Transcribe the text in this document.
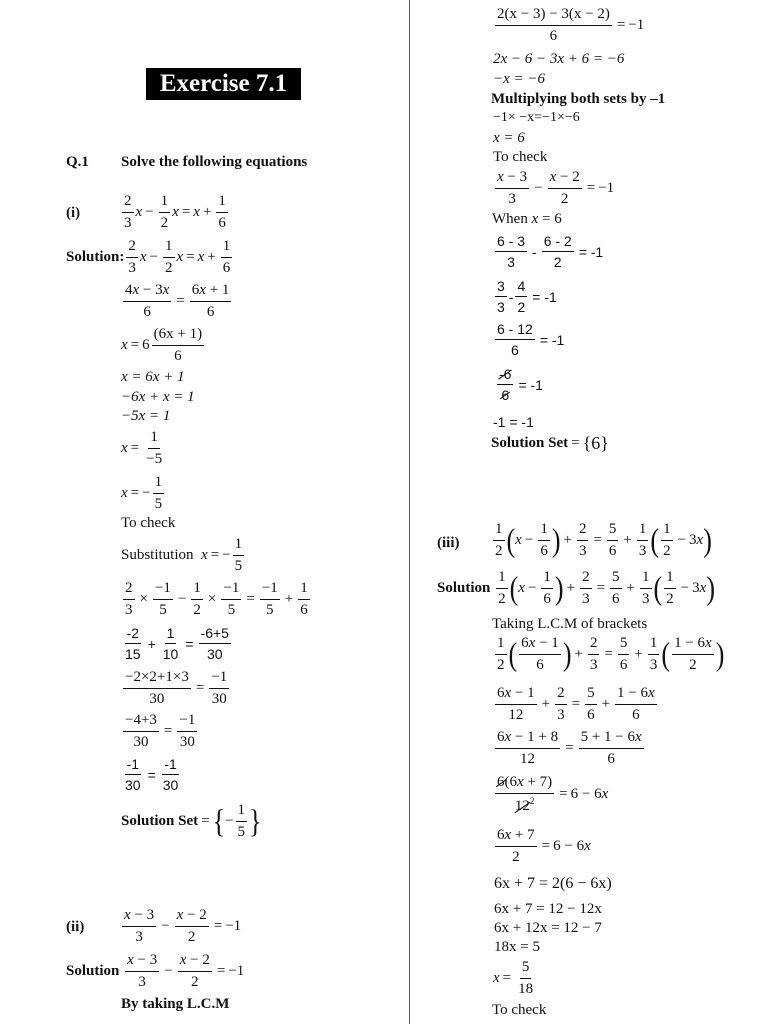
Exercise 7.1
Q.1 Solve the following equations
(i)
2
3
$x - \frac{1}{2}$ $x = x + \frac{1}{6}$
Solution:
2
3
$x - \frac{1}{2}$ $x = x + \frac{1}{6}$
$\frac{4x - 3x}{6} = \frac{6x + 1}{6}$
x = 6
(6x + 1)
6
x = 6x + 1
−6x + x = 1
−5x = 1
$x = \frac{1}{-5}$
x = − $\frac{1}{5}$
To check
Substitution
x = − $\frac{1}{5}$
$\frac{2}{3} \times \frac{-1}{5} - \frac{1}{2} \times \frac{-1}{5} = \frac{-1}{5} + \frac{1}{6}$
-2
15
+ $\frac{1}{10} = \frac{-6+5}{30}$
$\frac{-2\times 2+1\times 3}{30} = \frac{-1}{30}$
$\frac{-4+3}{30} = \frac{-1}{30}$
$\frac{-1}{30} = \frac{-1}{30}$
Solution Set = { − $\frac{1}{5}$ }
(ii)
x − 3
3
− $\frac{x - 2}{2} = -1$
Solution

x − 3
3
− $\frac{x - 2}{2} = -1$
By taking L.C.M
$\frac{2(x - 3) - 3(x - 2)}{6} = -1$
2x − 6 − 3x + 6 = −6
−x = −6
Multiplying both sets by –1
−1× −x=−1×−6
x = 6
To check
x − 3
3
− $\frac{x - 2}{2} = -1$
When x = 6
6 - 3
3
- $\frac{6 - 2}{2} = -1$
3
3
- $\frac{4}{2} = -1$
$\frac{6 - 12}{6} = -1$
$\frac{-6}{6} = -1$
-1 = -1
Solution Set = {6}
(iii)
1
2 ( $x - \frac{1}{6}$ ) + $\frac{2}{3} = \frac{5}{6} + \frac{1}{3}$ ( 1
2
− 3x )
Solution

1
2 ( $x - \frac{1}{6}$ ) + $\frac{2}{3} = \frac{5}{6} + \frac{1}{3}$ ( 1
2
− 3x )
Taking L.C.M of brackets
1
2 ( 6x − 1
6 ) + $\frac{2}{3} = \frac{5}{6} + \frac{1}{3}$ ( 1 − 6x
2 )
6x − 1
12
+ $\frac{2}{3} = \frac{5}{6} + \frac{1 - 6x}{6}$
$\frac{6x - 1 + 8}{12} = \frac{5 + 1 - 6x}{6}$
$\frac{6(6x + 7)}{12^2} = 6 - 6x$
$\frac{6x + 7}{2} = 6 - 6x$
6x + 7 = 2(6 − 6x)
6x + 7 = 12 − 12x
6x + 12x = 12 − 7
18x = 5
$x = \frac{5}{18}$
To check
